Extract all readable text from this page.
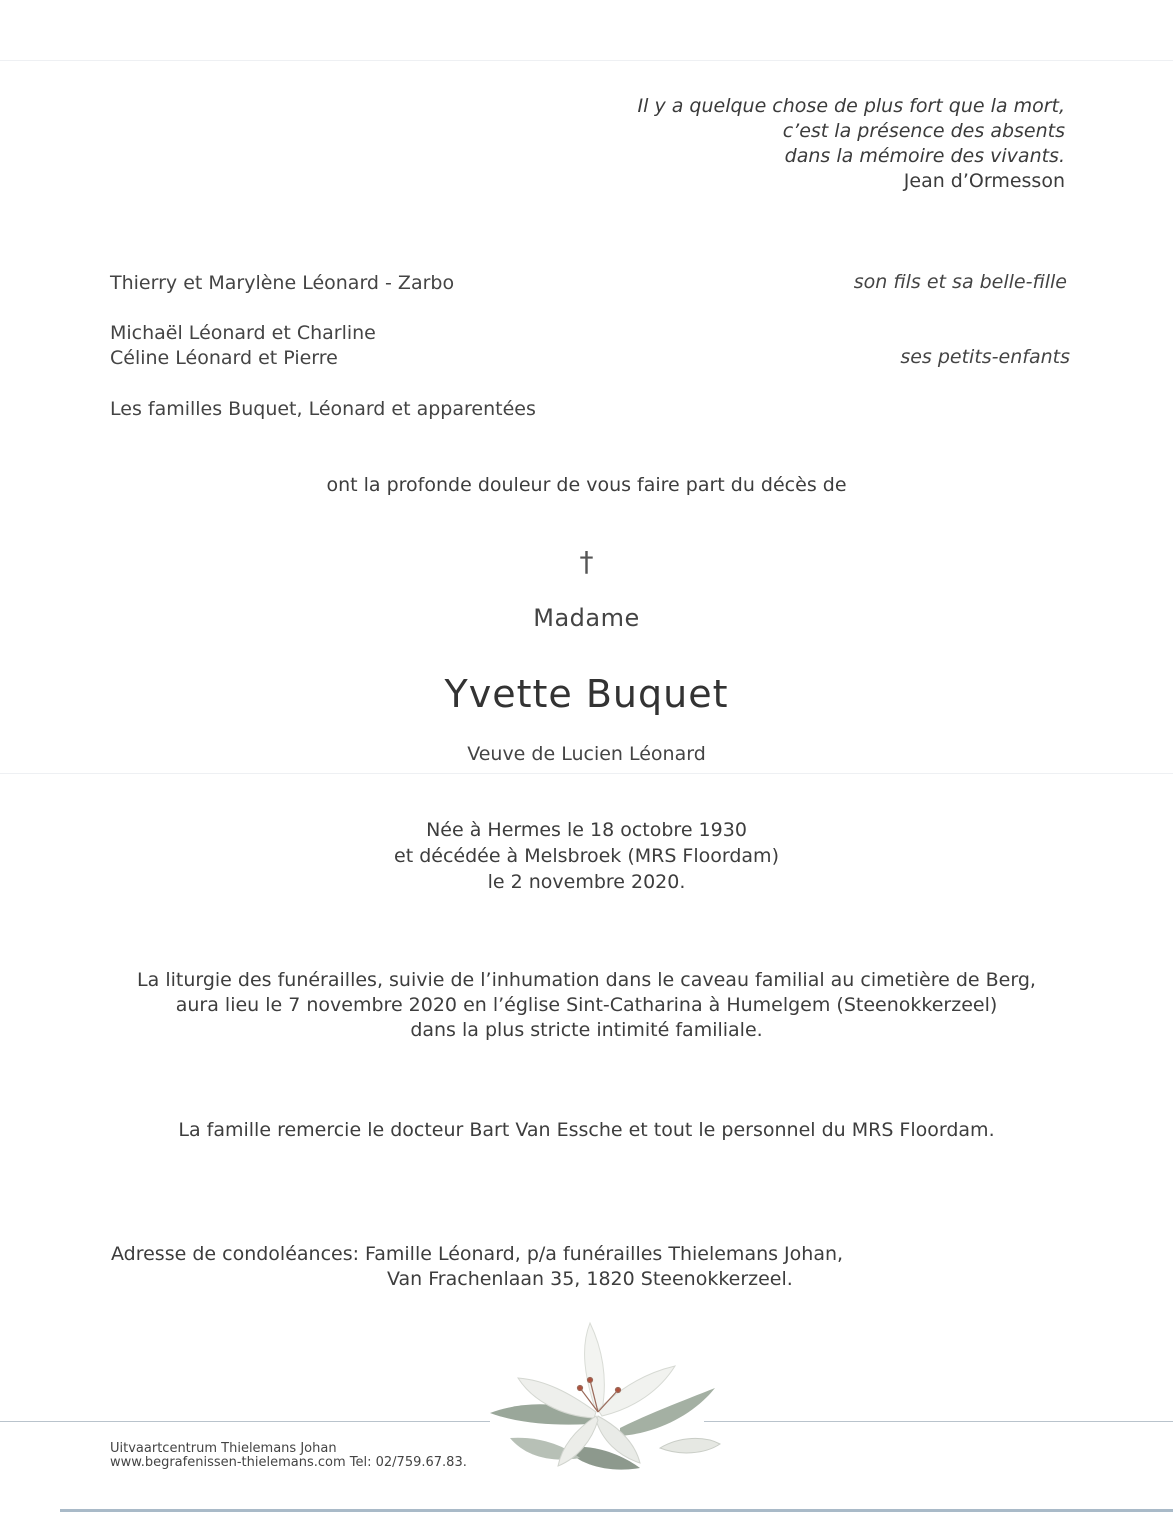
Il y a quelque chose de plus fort que la mort,
c’est la présence des absents
dans la mémoire des vivants.
Jean d’Ormesson
Thierry et Marylène Léonard - Zarbo	son fils et sa belle-fille
Michaël Léonard et Charline
Céline Léonard et Pierre	ses petits-enfants
Les familles Buquet, Léonard et apparentées
ont la profonde douleur de vous faire part du décès de
†
Madame
Yvette Buquet
Veuve de Lucien Léonard
Née à Hermes le 18 octobre 1930
et décédée à Melsbroek (MRS Floordam)
le 2 novembre 2020.
La liturgie des funérailles, suivie de l’inhumation dans le caveau familial au cimetière de Berg,
aura lieu le 7 novembre 2020 en l’église Sint-Catharina à Humelgem (Steenokkerzeel)
dans la plus stricte intimité familiale.
La famille remercie le docteur Bart Van Essche et tout le personnel du MRS Floordam.
Adresse de condoléances: Famille Léonard, p/a funérailles Thielemans Johan,
Van Frachenlaan 35, 1820 Steenokkerzeel.
Uitvaartcentrum Thielemans Johan
www.begrafenissen-thielemans.com Tel: 02/759.67.83.
